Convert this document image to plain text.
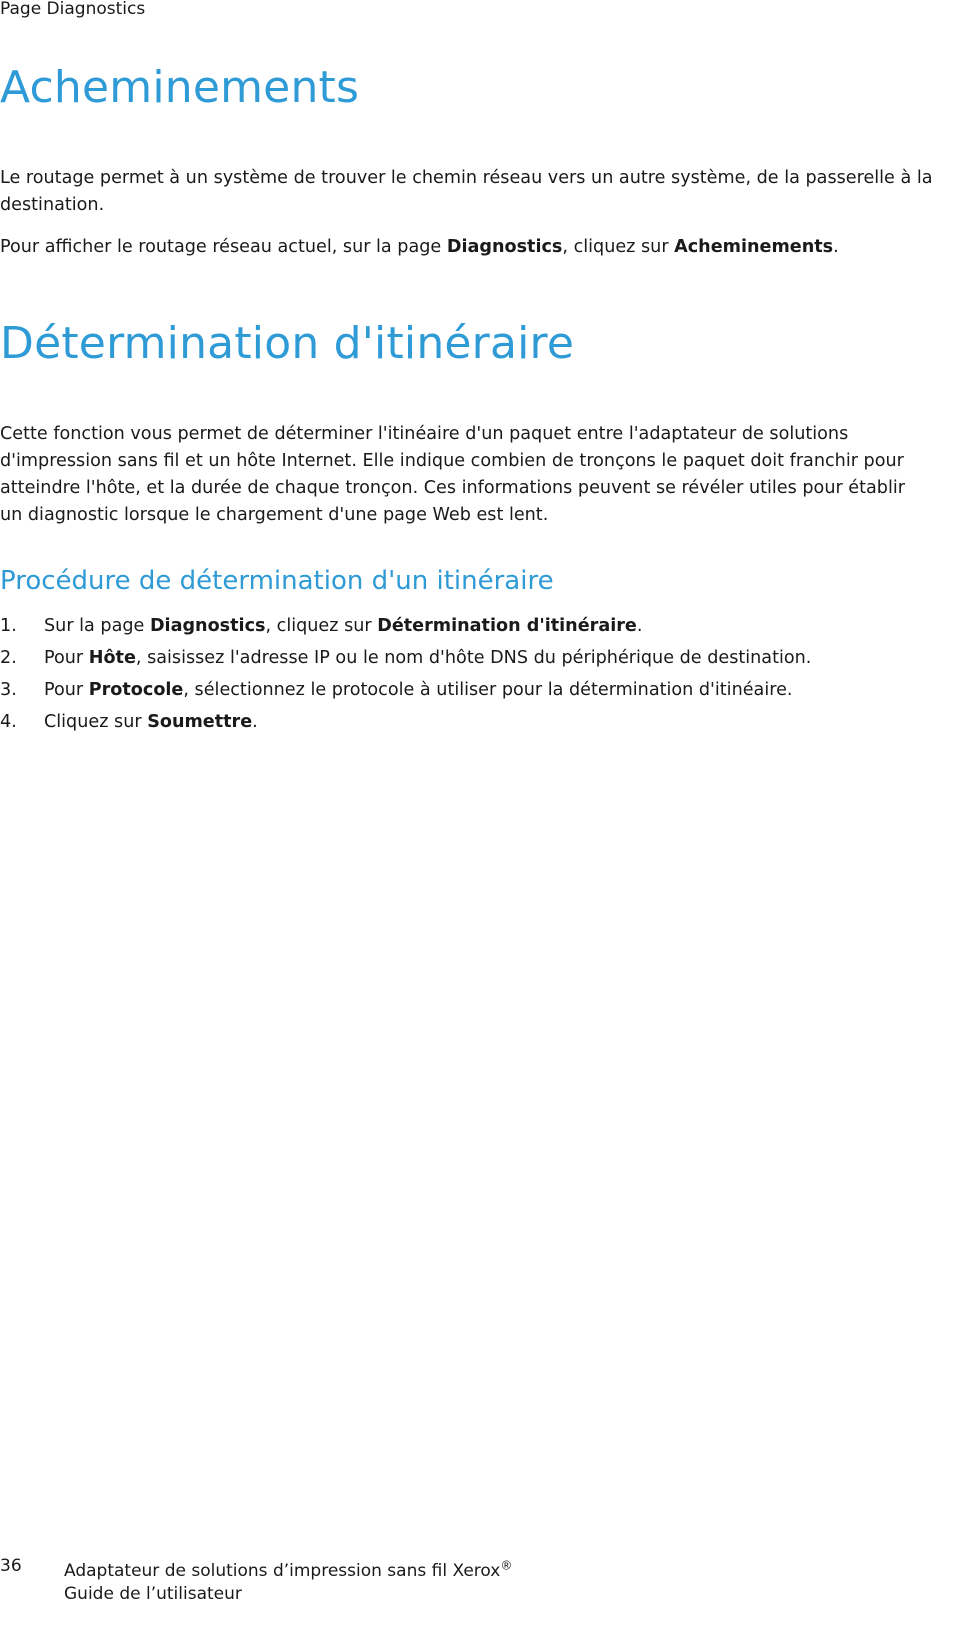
Page Diagnostics
Acheminements

Le routage permet à un système de trouver le chemin réseau vers un autre système, de la passerelle à la
destination.

Pour afficher le routage réseau actuel, sur la page Diagnostics, cliquez sur Acheminements.

Détermination d'itinéraire

Cette fonction vous permet de déterminer l'itinéaire d'un paquet entre l'adaptateur de solutions
d'impression sans fil et un hôte Internet. Elle indique combien de tronçons le paquet doit franchir pour
atteindre l'hôte, et la durée de chaque tronçon. Ces informations peuvent se révéler utiles pour établir
un diagnostic lorsque le chargement d'une page Web est lent.

Procédure de détermination d'un itinéraire
1.	Sur la page Diagnostics, cliquez sur Détermination d'itinéraire.
2.	Pour Hôte, saisissez l'adresse IP ou le nom d'hôte DNS du périphérique de destination.
3.	Pour Protocole, sélectionnez le protocole à utiliser pour la détermination d'itinéaire.
4.	Cliquez sur Soumettre.
36 Adaptateur de solutions d’impression sans fil Xerox®
Guide de l’utilisateur
